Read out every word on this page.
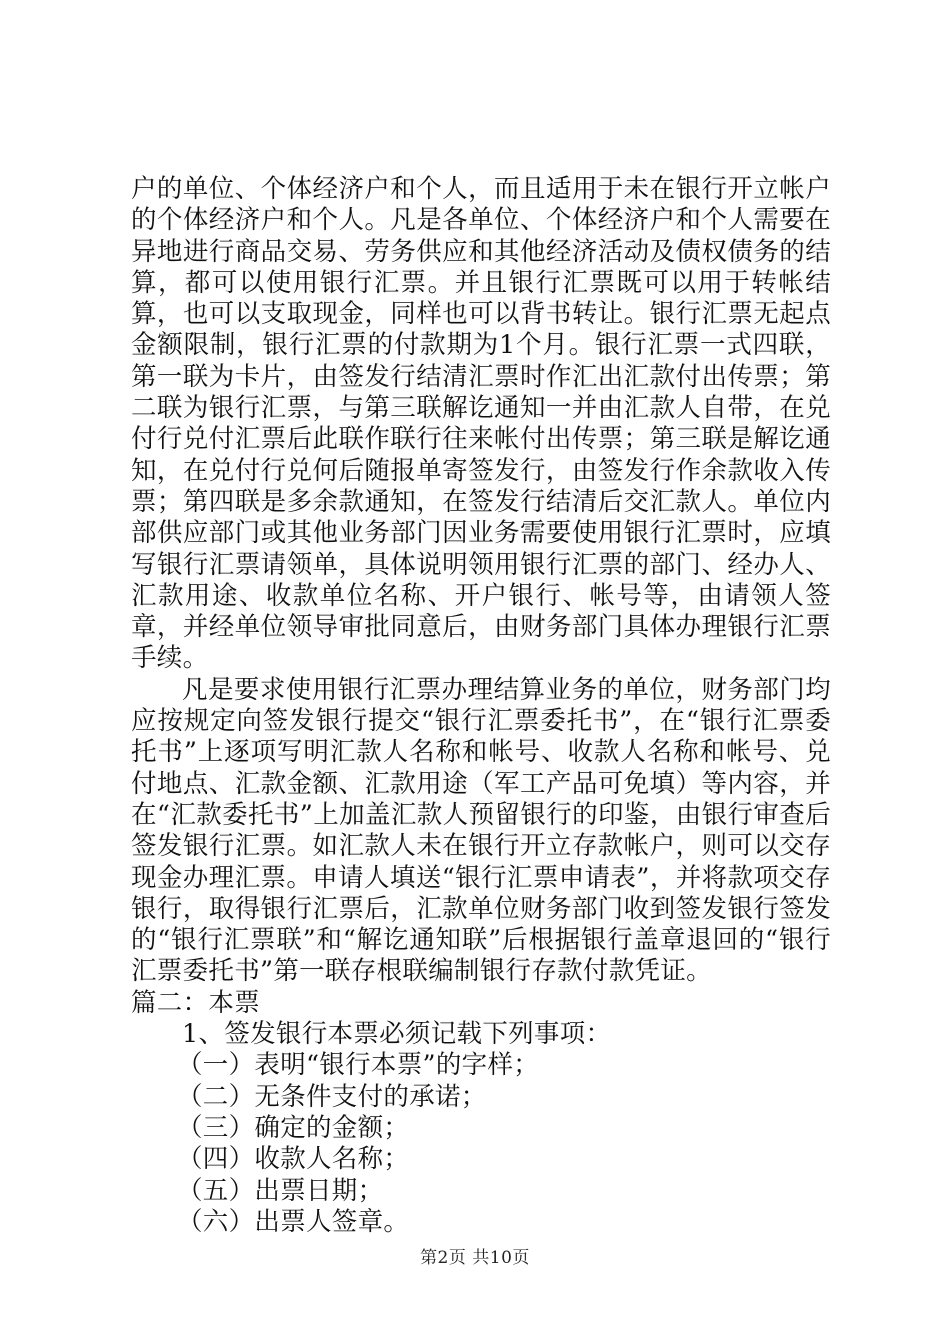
户的单位、个体经济户和个人，而且适用于未在银行开立帐户的个体经济户和个人。凡是各单位、个体经济户和个人需要在异地进行商品交易、劳务供应和其他经济活动及债权债务的结算，都可以使用银行汇票。并且银行汇票既可以用于转帐结算，也可以支取现金，同样也可以背书转让。银行汇票无起点金额限制，银行汇票的付款期为1个月。银行汇票一式四联，第一联为卡片，由签发行结清汇票时作汇出汇款付出传票；第二联为银行汇票，与第三联解讫通知一并由汇款人自带，在兑付行兑付汇票后此联作联行往来帐付出传票；第三联是解讫通知，在兑付行兑何后随报单寄签发行，由签发行作余款收入传票；第四联是多余款通知，在签发行结清后交汇款人。单位内部供应部门或其他业务部门因业务需要使用银行汇票时，应填写银行汇票请领单，具体说明领用银行汇票的部门、经办人、汇款用途、收款单位名称、开户银行、帐号等，由请领人签章，并经单位领导审批同意后，由财务部门具体办理银行汇票手续。

凡是要求使用银行汇票办理结算业务的单位，财务部门均应按规定向签发银行提交“银行汇票委托书”，在“银行汇票委托书”上逐项写明汇款人名称和帐号、收款人名称和帐号、兑付地点、汇款金额、汇款用途（军工产品可免填）等内容，并在“汇款委托书”上加盖汇款人预留银行的印鉴，由银行审查后签发银行汇票。如汇款人未在银行开立存款帐户，则可以交存现金办理汇票。申请人填送“银行汇票申请表”，并将款项交存银行，取得银行汇票后，汇款单位财务部门收到签发银行签发的“银行汇票联”和“解讫通知联”后根据银行盖章退回的“银行汇票委托书”第一联存根联编制银行存款付款凭证。

篇二：本票

1、签发银行本票必须记载下列事项：
（一）表明“银行本票”的字样；
（二）无条件支付的承诺；
（三）确定的金额；
（四）收款人名称；
（五）出票日期；
（六）出票人签章。
第2页 共10页
